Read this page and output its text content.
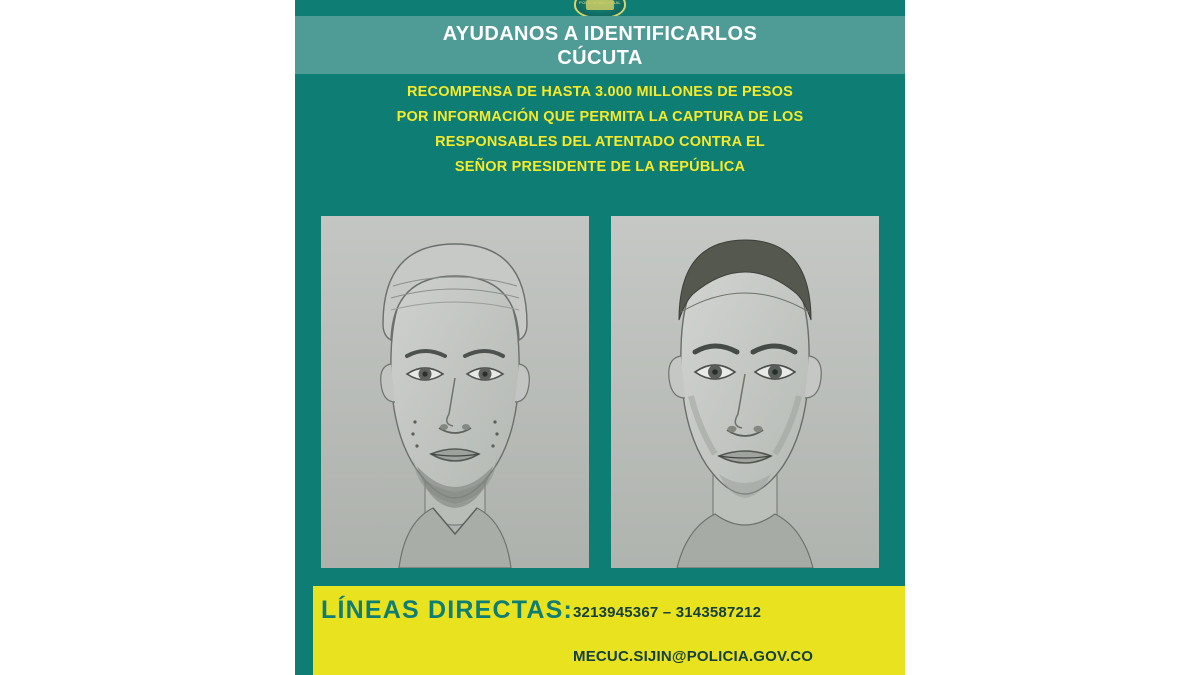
POLICÍA NACIONAL
AYUDANOS A IDENTIFICARLOS
CÚCUTA
RECOMPENSA DE HASTA 3.000 MILLONES DE PESOS
POR INFORMACIÓN QUE PERMITA LA CAPTURA DE LOS
RESPONSABLES DEL ATENTADO CONTRA EL
SEÑOR PRESIDENTE DE LA REPÚBLICA
LÍNEAS DIRECTAS: 3213945367 – 3143587212
MECUC.SIJIN@POLICIA.GOV.CO
